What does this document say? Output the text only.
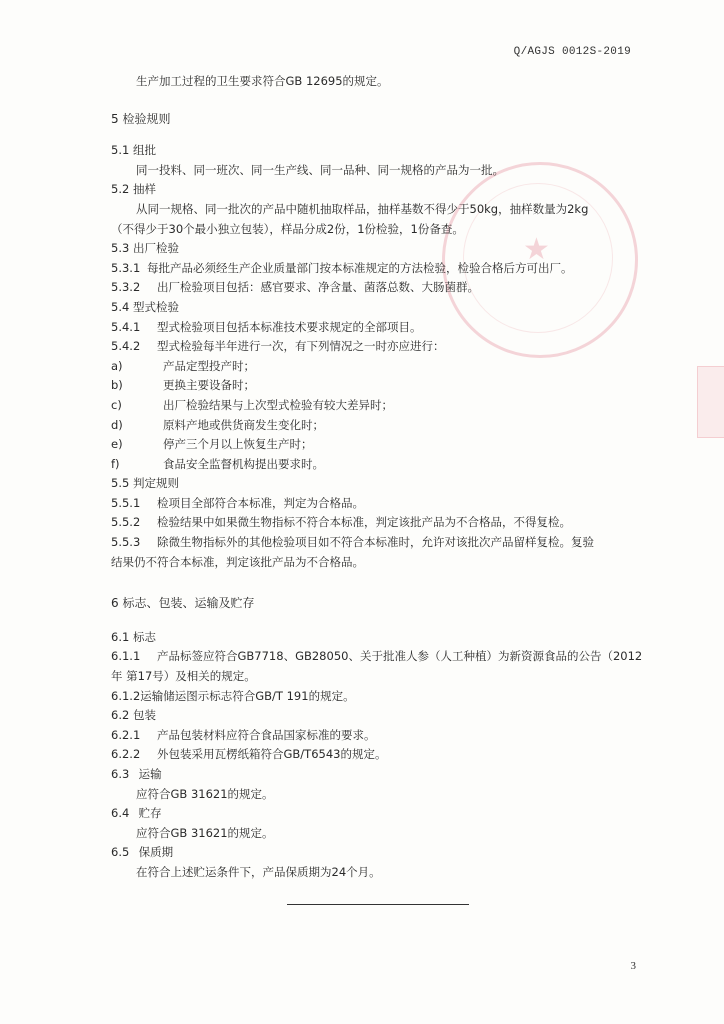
★
Q/AGJS 0012S-2019
生产加工过程的卫生要求符合GB 12695的规定。
5 检验规则
5.1 组批
同一投料、同一班次、同一生产线、同一品种、同一规格的产品为一批。
5.2 抽样
从同一规格、同一批次的产品中随机抽取样品，抽样基数不得少于50kg，抽样数量为2kg
（不得少于30个最小独立包装），样品分成2份，1份检验，1份备查。
5.3 出厂检验
5.3.1 每批产品必须经生产企业质量部门按本标准规定的方法检验，检验合格后方可出厂。
5.3.2 出厂检验项目包括：感官要求、净含量、菌落总数、大肠菌群。
5.4 型式检验
5.4.1 型式检验项目包括本标准技术要求规定的全部项目。
5.4.2 型式检验每半年进行一次，有下列情况之一时亦应进行：
a)	产品定型投产时；
b)	更换主要设备时；
c)	出厂检验结果与上次型式检验有较大差异时；
d)	原料产地或供货商发生变化时；
e)	停产三个月以上恢复生产时；
f)	食品安全监督机构提出要求时。
5.5 判定规则
5.5.1 检项目全部符合本标准，判定为合格品。
5.5.2 检验结果中如果微生物指标不符合本标准，判定该批产品为不合格品，不得复检。
5.5.3 除微生物指标外的其他检验项目如不符合本标准时，允许对该批次产品留样复检。复验
结果仍不符合本标准，判定该批产品为不合格品。
6 标志、包装、运输及贮存
6.1 标志
6.1.1 产品标签应符合GB7718、GB28050、关于批准人参（人工种植）为新资源食品的公告（2012
年 第17号）及相关的规定。
6.1.2运输储运图示标志符合GB/T 191的规定。
6.2 包装
6.2.1 产品包装材料应符合食品国家标准的要求。
6.2.2 外包装采用瓦楞纸箱符合GB/T6543的规定。
6.3 运输
应符合GB 31621的规定。
6.4 贮存
应符合GB 31621的规定。
6.5 保质期
在符合上述贮运条件下，产品保质期为24个月。
3
